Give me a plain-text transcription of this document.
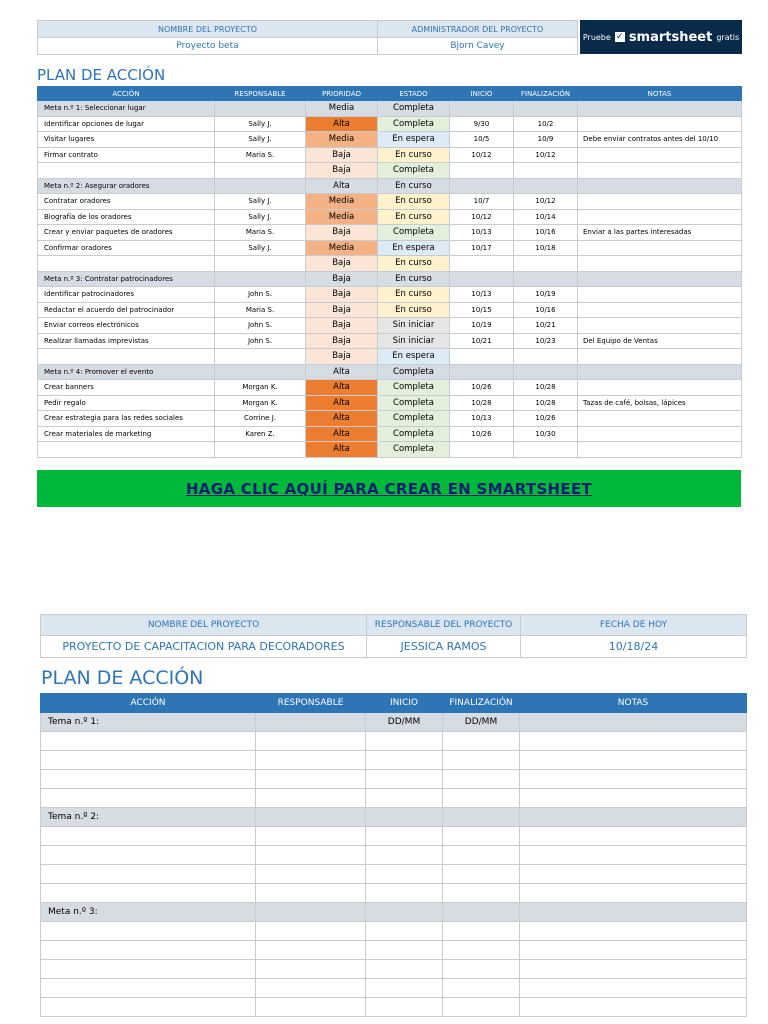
NOMBRE DEL PROYECTO	ADMINISTRADOR DEL PROYECTO
Proyecto beta	Bjorn Cavey
Pruebe ✓ smartsheet gratis
PLAN DE ACCIÓN
ACCIÓN	RESPONSABLE	PRIORIDAD	ESTADO	INICIO	FINALIZACIÓN	NOTAS
Meta n.º 1: Seleccionar lugar		Media	Completa			
Identificar opciones de lugar	Sally J.	Alta	Completa	9/30	10/2	
Visitar lugares	Sally J.	Media	En espera	10/5	10/9	Debe enviar contratos antes del 10/10
Firmar contrato	Maria S.	Baja	En curso	10/12	10/12	
		Baja	Completa			
Meta n.º 2: Asegurar oradores		Alta	En curso			
Contratar oradores	Sally J.	Media	En curso	10/7	10/12	
Biografía de los oradores	Sally J.	Media	En curso	10/12	10/14	
Crear y enviar paquetes de oradores	Maria S.	Baja	Completa	10/13	10/16	Enviar a las partes interesadas
Confirmar oradores	Sally J.	Media	En espera	10/17	10/18	
		Baja	En curso			
Meta n.º 3: Contratar patrocinadores		Baja	En curso			
Identificar patrocinadores	John S.	Baja	En curso	10/13	10/19	
Redactar el acuerdo del patrocinador	Maria S.	Baja	En curso	10/15	10/16	
Enviar correos electrónicos	John S.	Baja	Sin iniciar	10/19	10/21	
Realizar llamadas imprevistas	John S.	Baja	Sin iniciar	10/21	10/23	Del Equipo de Ventas
		Baja	En espera			
Meta n.º 4: Promover el evento		Alta	Completa			
Crear banners	Morgan K.	Alta	Completa	10/26	10/28	
Pedir regalo	Morgan K.	Alta	Completa	10/28	10/28	Tazas de café, bolsas, lápices
Crear estrategia para las redes sociales	Corrine J.	Alta	Completa	10/13	10/26	
Crear materiales de marketing	Karen Z.	Alta	Completa	10/26	10/30	
		Alta	Completa			
HAGA CLIC AQUÍ PARA CREAR EN SMARTSHEET
NOMBRE DEL PROYECTO	RESPONSABLE DEL PROYECTO	FECHA DE HOY
PROYECTO DE CAPACITACION PARA DECORADORES	JESSICA RAMOS	10/18/24
PLAN DE ACCIÓN
ACCIÓN	RESPONSABLE	INICIO	FINALIZACIÓN	NOTAS
Tema n.º 1:		DD/MM	DD/MM	

Tema n.º 2:				

Meta n.º 3:				
